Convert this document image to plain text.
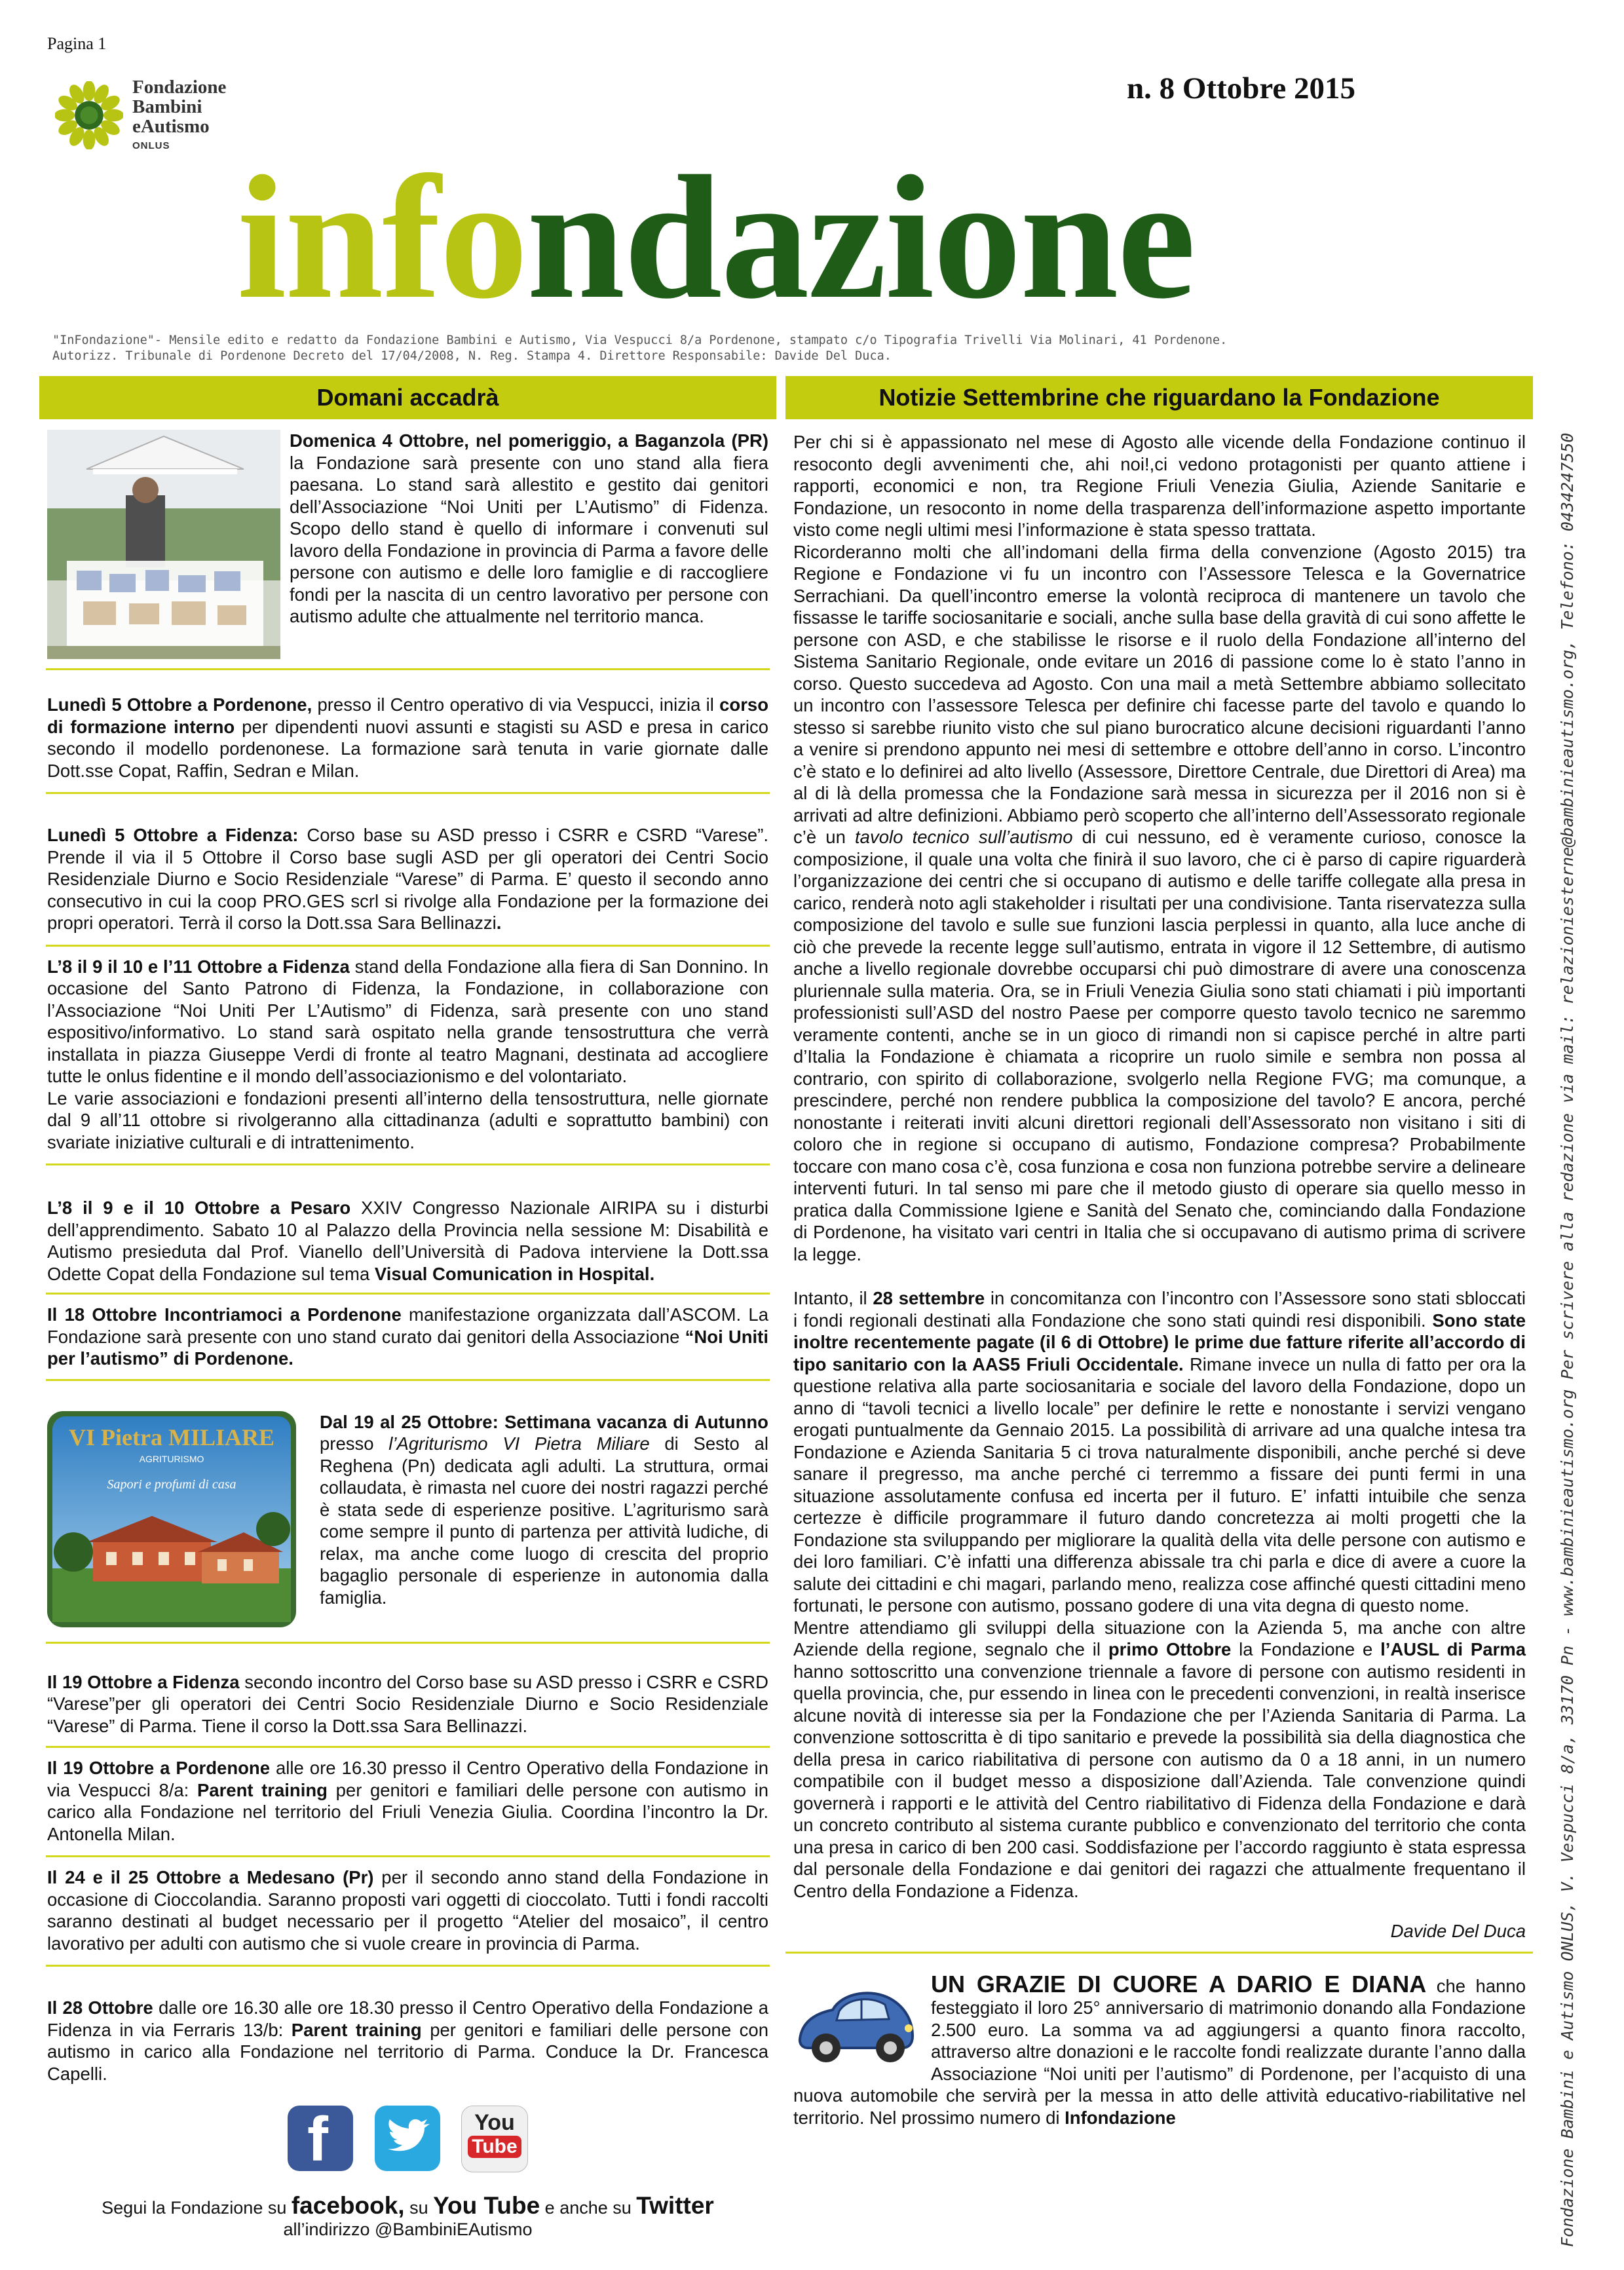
Pagina 1
Fondazione
Bambini
eAutismo
ONLUS
n. 8 Ottobre 2015
infondazione
"InFondazione"- Mensile edito e redatto da Fondazione Bambini e Autismo, Via Vespucci 8/a Pordenone, stampato c/o Tipografia Trivelli Via Molinari, 41 Pordenone.
Autorizz. Tribunale di Pordenone Decreto del 17/04/2008, N. Reg. Stampa 4. Direttore Responsabile: Davide Del Duca.
Fondazione Bambini e Autismo ONLUS, V. Vespucci 8/a, 33170 Pn - www.bambinieautismo.org Per scrivere alla redazione via mail: relazioniesterne@bambinieautismo.org, Telefono: 0434247550
Domani accadrà
Domenica 4 Ottobre, nel pomeriggio, a Baganzola (PR) la Fondazione sarà presente con uno stand alla fiera paesana. Lo stand sarà allestito e gestito dai genitori dell’Associazione “Noi Uniti per L’Autismo” di Fidenza. Scopo dello stand è quello di informare i convenuti sul lavoro della Fondazione in provincia di Parma a favore delle persone con autismo e delle loro famiglie e di raccogliere fondi per la nascita di un centro lavorativo per persone con autismo adulte che attualmente nel territorio manca.
Lunedì 5 Ottobre a Pordenone, presso il Centro operativo di via Vespucci, inizia il corso di formazione interno per dipendenti nuovi assunti e stagisti su ASD e presa in carico secondo il modello pordenonese. La formazione sarà tenuta in varie giornate dalle Dott.sse Copat, Raffin, Sedran e Milan.
Lunedì 5 Ottobre a Fidenza: Corso base su ASD presso i CSRR e CSRD “Varese”. Prende il via il 5 Ottobre il Corso base sugli ASD per gli operatori dei Centri Socio Residenziale Diurno e Socio Residenziale “Varese” di Parma. E’ questo il secondo anno consecutivo in cui la coop PRO.GES scrl si rivolge alla Fondazione per la formazione dei propri operatori. Terrà il corso la Dott.ssa Sara Bellinazzi.
L’8 il 9 il 10 e l’11 Ottobre a Fidenza stand della Fondazione alla fiera di San Donnino. In occasione del Santo Patrono di Fidenza, la Fondazione, in collaborazione con l’Associazione “Noi Uniti Per L’Autismo” di Fidenza, sarà presente con uno stand espositivo/informativo. Lo stand sarà ospitato nella grande tensostruttura che verrà installata in piazza Giuseppe Verdi di fronte al teatro Magnani, destinata ad accogliere tutte le onlus fidentine e il mondo dell’associazionismo e del volontariato.
Le varie associazioni e fondazioni presenti all’interno della tensostruttura, nelle giornate dal 9 all’11 ottobre si rivolgeranno alla cittadinanza (adulti e soprattutto bambini) con svariate iniziative culturali e di intrattenimento.
L’8 il 9 e il 10 Ottobre a Pesaro XXIV Congresso Nazionale AIRIPA su i disturbi dell’apprendimento. Sabato 10 al Palazzo della Provincia nella sessione M: Disabilità e Autismo presieduta dal Prof. Vianello dell’Università di Padova interviene la Dott.ssa Odette Copat della Fondazione sul tema Visual Comunication in Hospital.
Il 18 Ottobre Incontriamoci a Pordenone manifestazione organizzata dall’ASCOM. La Fondazione sarà presente con uno stand curato dai genitori della Associazione “Noi Uniti per l’autismo” di Pordenone.
VI Pietra MILIARE
AGRITURISMO
Sapori e profumi di casa
Dal 19 al 25 Ottobre: Settimana vacanza di Autunno presso l’Agriturismo VI Pietra Miliare di Sesto al Reghena (Pn) dedicata agli adulti. La struttura, ormai collaudata, è rimasta nel cuore dei nostri ragazzi perché è stata sede di esperienze positive. L’agriturismo sarà come sempre il punto di partenza per attività ludiche, di relax, ma anche come luogo di crescita del proprio bagaglio personale di esperienze in autonomia dalla famiglia.
Il 19 Ottobre a Fidenza secondo incontro del Corso base su ASD presso i CSRR e CSRD “Varese”per gli operatori dei Centri Socio Residenziale Diurno e Socio Residenziale “Varese” di Parma. Tiene il corso la Dott.ssa Sara Bellinazzi.
Il 19 Ottobre a Pordenone alle ore 16.30 presso il Centro Operativo della Fondazione in via Vespucci 8/a: Parent training per genitori e familiari delle persone con autismo in carico alla Fondazione nel territorio del Friuli Venezia Giulia. Coordina l’incontro la Dr. Antonella Milan.
Il 24 e il 25 Ottobre a Medesano (Pr) per il secondo anno stand della Fondazione in occasione di Cioccolandia. Saranno proposti vari oggetti di cioccolato. Tutti i fondi raccolti saranno destinati al budget necessario per il progetto “Atelier del mosaico”, il centro lavorativo per adulti con autismo che si vuole creare in provincia di Parma.
Il 28 Ottobre dalle ore 16.30 alle ore 18.30 presso il Centro Operativo della Fondazione a Fidenza in via Ferraris 13/b: Parent training per genitori e familiari delle persone con autismo in carico alla Fondazione nel territorio di Parma. Conduce la Dr. Francesca Capelli.
f
	You
Tube
Segui la Fondazione su facebook, su You Tube e anche su Twitter
all’indirizzo @BambiniEAutismo
Notizie Settembrine che riguardano la Fondazione

Per chi si è appassionato nel mese di Agosto alle vicende della Fondazione continuo il resoconto degli avvenimenti che, ahi noi!,ci vedono protagonisti per quanto attiene i rapporti, economici e non, tra Regione Friuli Venezia Giulia, Aziende Sanitarie e Fondazione, un resoconto in nome della trasparenza dell’informazione aspetto importante visto come negli ultimi mesi l’informazione è stata spesso trattata.

Ricorderanno molti che all’indomani della firma della convenzione (Agosto 2015) tra Regione e Fondazione vi fu un incontro con l’Assessore Telesca e la Governatrice Serrachiani. Da quell’incontro emerse la volontà reciproca di mantenere un tavolo che fissasse le tariffe sociosanitarie e sociali, anche sulla base della gravità di cui sono affette le persone con ASD, e che stabilisse le risorse e il ruolo della Fondazione all’interno del Sistema Sanitario Regionale, onde evitare un 2016 di passione come lo è stato l’anno in corso. Questo succedeva ad Agosto. Con una mail a metà Settembre abbiamo sollecitato un incontro con l’assessore Telesca per definire chi facesse parte del tavolo e quando lo stesso si sarebbe riunito visto che sul piano burocratico alcune decisioni riguardanti l’anno a venire si prendono appunto nei mesi di settembre e ottobre dell’anno in corso. L’incontro c’è stato e lo definirei ad alto livello (Assessore, Direttore Centrale, due Direttori di Area) ma al di là della promessa che la Fondazione sarà messa in sicurezza per il 2016 non si è arrivati ad altre definizioni. Abbiamo però scoperto che all’interno dell’Assessorato regionale c’è un tavolo tecnico sull’autismo di cui nessuno, ed è veramente curioso, conosce la composizione, il quale una volta che finirà il suo lavoro, che ci è parso di capire riguarderà l’organizzazione dei centri che si occupano di autismo e delle tariffe collegate alla presa in carico, renderà noto agli stakeholder i risultati per una condivisione. Tanta riservatezza sulla composizione del tavolo e sulle sue funzioni lascia perplessi in quanto, alla luce anche di ciò che prevede la recente legge sull’autismo, entrata in vigore il 12 Settembre, di autismo anche a livello regionale dovrebbe occuparsi chi può dimostrare di avere una conoscenza pluriennale sulla materia. Ora, se in Friuli Venezia Giulia sono stati chiamati i più importanti professionisti sull’ASD del nostro Paese per comporre questo tavolo tecnico ne saremmo veramente contenti, anche se in un gioco di rimandi non si capisce perché in altre parti d’Italia la Fondazione è chiamata a ricoprire un ruolo simile e sembra non possa al contrario, con spirito di collaborazione, svolgerlo nella Regione FVG; ma comunque, a prescindere, perché non rendere pubblica la composizione del tavolo? E ancora, perché nonostante i reiterati inviti alcuni direttori regionali dell’Assessorato non visitano i siti di coloro che in regione si occupano di autismo, Fondazione compresa? Probabilmente toccare con mano cosa c’è, cosa funziona e cosa non funziona potrebbe servire a delineare interventi futuri. In tal senso mi pare che il metodo giusto di operare sia quello messo in pratica dalla Commissione Igiene e Sanità del Senato che, cominciando dalla Fondazione di Pordenone, ha visitato vari centri in Italia che si occupavano di autismo prima di scrivere la legge.

Intanto, il 28 settembre in concomitanza con l’incontro con l’Assessore sono stati sbloccati i fondi regionali destinati alla Fondazione che sono stati quindi resi disponibili. Sono state inoltre recentemente pagate (il 6 di Ottobre) le prime due fatture riferite all’accordo di tipo sanitario con la AAS5 Friuli Occidentale. Rimane invece un nulla di fatto per ora la questione relativa alla parte sociosanitaria e sociale del lavoro della Fondazione, dopo un anno di “tavoli tecnici a livello locale” per definire le rette e nonostante i servizi vengano erogati puntualmente da Gennaio 2015. La possibilità di arrivare ad una qualche intesa tra Fondazione e Azienda Sanitaria 5 ci trova naturalmente disponibili, anche perché si deve sanare il pregresso, ma anche perché ci terremmo a fissare dei punti fermi in una situazione assolutamente confusa ed incerta per il futuro. E’ infatti intuibile che senza certezze è difficile programmare il futuro dando concretezza ai molti progetti che la Fondazione sta sviluppando per migliorare la qualità della vita delle persone con autismo e dei loro familiari. C’è infatti una differenza abissale tra chi parla e dice di avere a cuore la salute dei cittadini e chi magari, parlando meno, realizza cose affinché questi cittadini meno fortunati, le persone con autismo, possano godere di una vita degna di questo nome.

Mentre attendiamo gli sviluppi della situazione con la Azienda 5, ma anche con altre Aziende della regione, segnalo che il primo Ottobre la Fondazione e l’AUSL di Parma hanno sottoscritto una convenzione triennale a favore di persone con autismo residenti in quella provincia, che, pur essendo in linea con le precedenti convenzioni, in realtà inserisce alcune novità di interesse sia per la Fondazione che per l’Azienda Sanitaria di Parma. La convenzione sottoscritta è di tipo sanitario e prevede la possibilità sia della diagnostica che della presa in carico riabilitativa di persone con autismo da 0 a 18 anni, in un numero compatibile con il budget messo a disposizione dall’Azienda. Tale convenzione quindi governerà i rapporti e le attività del Centro riabilitativo di Fidenza della Fondazione e darà un concreto contributo al sistema curante pubblico e convenzionato del territorio che conta una presa in carico di ben 200 casi. Soddisfazione per l’accordo raggiunto è stata espressa dal personale della Fondazione e dai genitori dei ragazzi che attualmente frequentano il Centro della Fondazione a Fidenza.

Davide Del Duca
UN GRAZIE DI CUORE A DARIO E DIANA che hanno festeggiato il loro 25° anniversario di matrimonio donando alla Fondazione 2.500 euro. La somma va ad aggiungersi a quanto finora raccolto, attraverso altre donazioni e le raccolte fondi realizzate durante l’anno dalla Associazione “Noi uniti per l’autismo” di Pordenone, per l’acquisto di una nuova automobile che servirà per la messa in atto delle attività educativo-riabilitative nel territorio. Nel prossimo numero di Infondazione
